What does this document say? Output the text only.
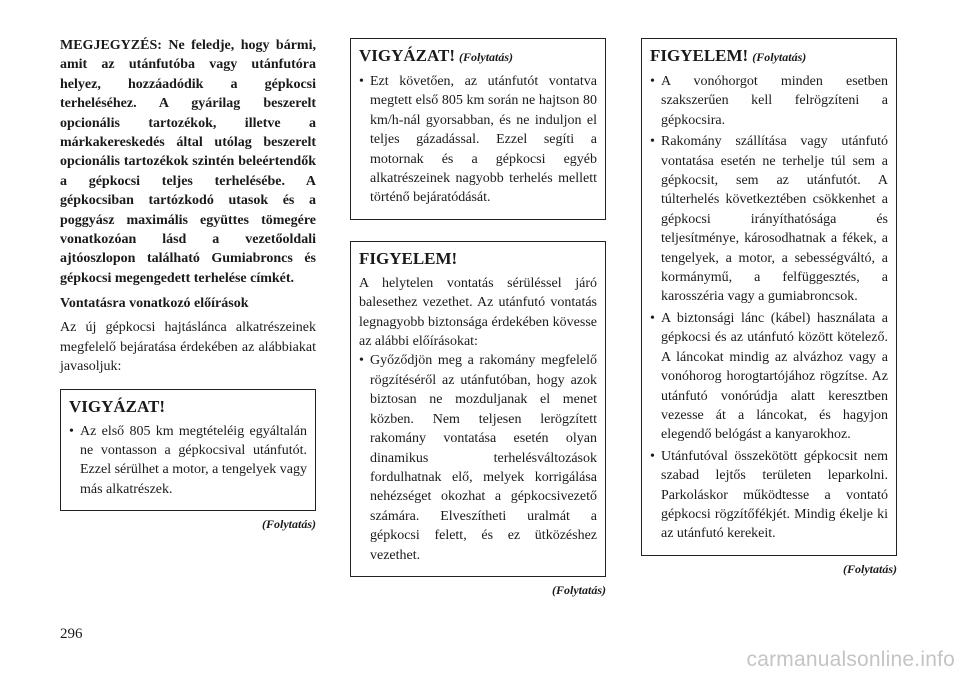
MEGJEGYZÉS: Ne feledje, hogy bármi, amit az utánfutóba vagy utánfutóra helyez, hozzáadódik a gépkocsi terheléséhez. A gyárilag beszerelt opcionális tartozékok, illetve a márkakereskedés által utólag beszerelt opcionális tartozékok szintén beleértendők a gépkocsi teljes terhelésébe. A gépkocsiban tartózkodó utasok és a poggyász maximális együttes tömegére vonatkozóan lásd a vezetőoldali ajtóoszlopon található Gumiabroncs és gépkocsi megengedett terhelése címkét.

Vontatásra vonatkozó előírások

Az új gépkocsi hajtáslánca alkatrészeinek megfelelő bejáratása érdekében az alábbiakat javasoljuk:

VIGYÁZAT!
• Az első 805 km megtételéig egyáltalán ne vontasson a gépkocsival utánfutót. Ezzel sérülhet a motor, a tengelyek vagy más alkatrészek.
(Folytatás)
VIGYÁZAT! (Folytatás)
• Ezt követően, az utánfutót vontatva megtett első 805 km során ne hajtson 80 km/h-nál gyorsabban, és ne induljon el teljes gázadással. Ezzel segíti a motornak és a gépkocsi egyéb alkatrészeinek nagyobb terhelés mellett történő bejáratódását.
FIGYELEM!

A helytelen vontatás sérüléssel járó balesethez vezethet. Az utánfutó vontatás legnagyobb biztonsága érdekében kövesse az alábbi előírásokat:

• Győződjön meg a rakomány megfelelő rögzítéséről az utánfutóban, hogy azok biztosan ne mozduljanak el menet közben. Nem teljesen lerögzített rakomány vontatása esetén olyan dinamikus terhelésváltozások fordulhatnak elő, melyek korrigálása nehézséget okozhat a gépkocsivezető számára. Elveszítheti uralmát a gépkocsi felett, és ez ütközéshez vezethet.
(Folytatás)
FIGYELEM! (Folytatás)
• A vonóhorgot minden esetben szakszerűen kell felrögzíteni a gépkocsira.
• Rakomány szállítása vagy utánfutó vontatása esetén ne terhelje túl sem a gépkocsit, sem az utánfutót. A túlterhelés következtében csökkenhet a gépkocsi irányíthatósága és teljesítménye, károsodhatnak a fékek, a tengelyek, a motor, a sebességváltó, a kormánymű, a felfüggesztés, a karosszéria vagy a gumiabroncsok.
• A biztonsági lánc (kábel) használata a gépkocsi és az utánfutó között kötelező. A láncokat mindig az alvázhoz vagy a vonóhorog horogtartójához rögzítse. Az utánfutó vonórúdja alatt keresztben vezesse át a láncokat, és hagyjon elegendő belógást a kanyarokhoz.
• Utánfutóval összekötött gépkocsit nem szabad lejtős területen leparkolni. Parkoláskor működtesse a vontató gépkocsi rögzítőfékjét. Mindig ékelje ki az utánfutó kerekeit.
(Folytatás)
296
carmanualsonline.info
